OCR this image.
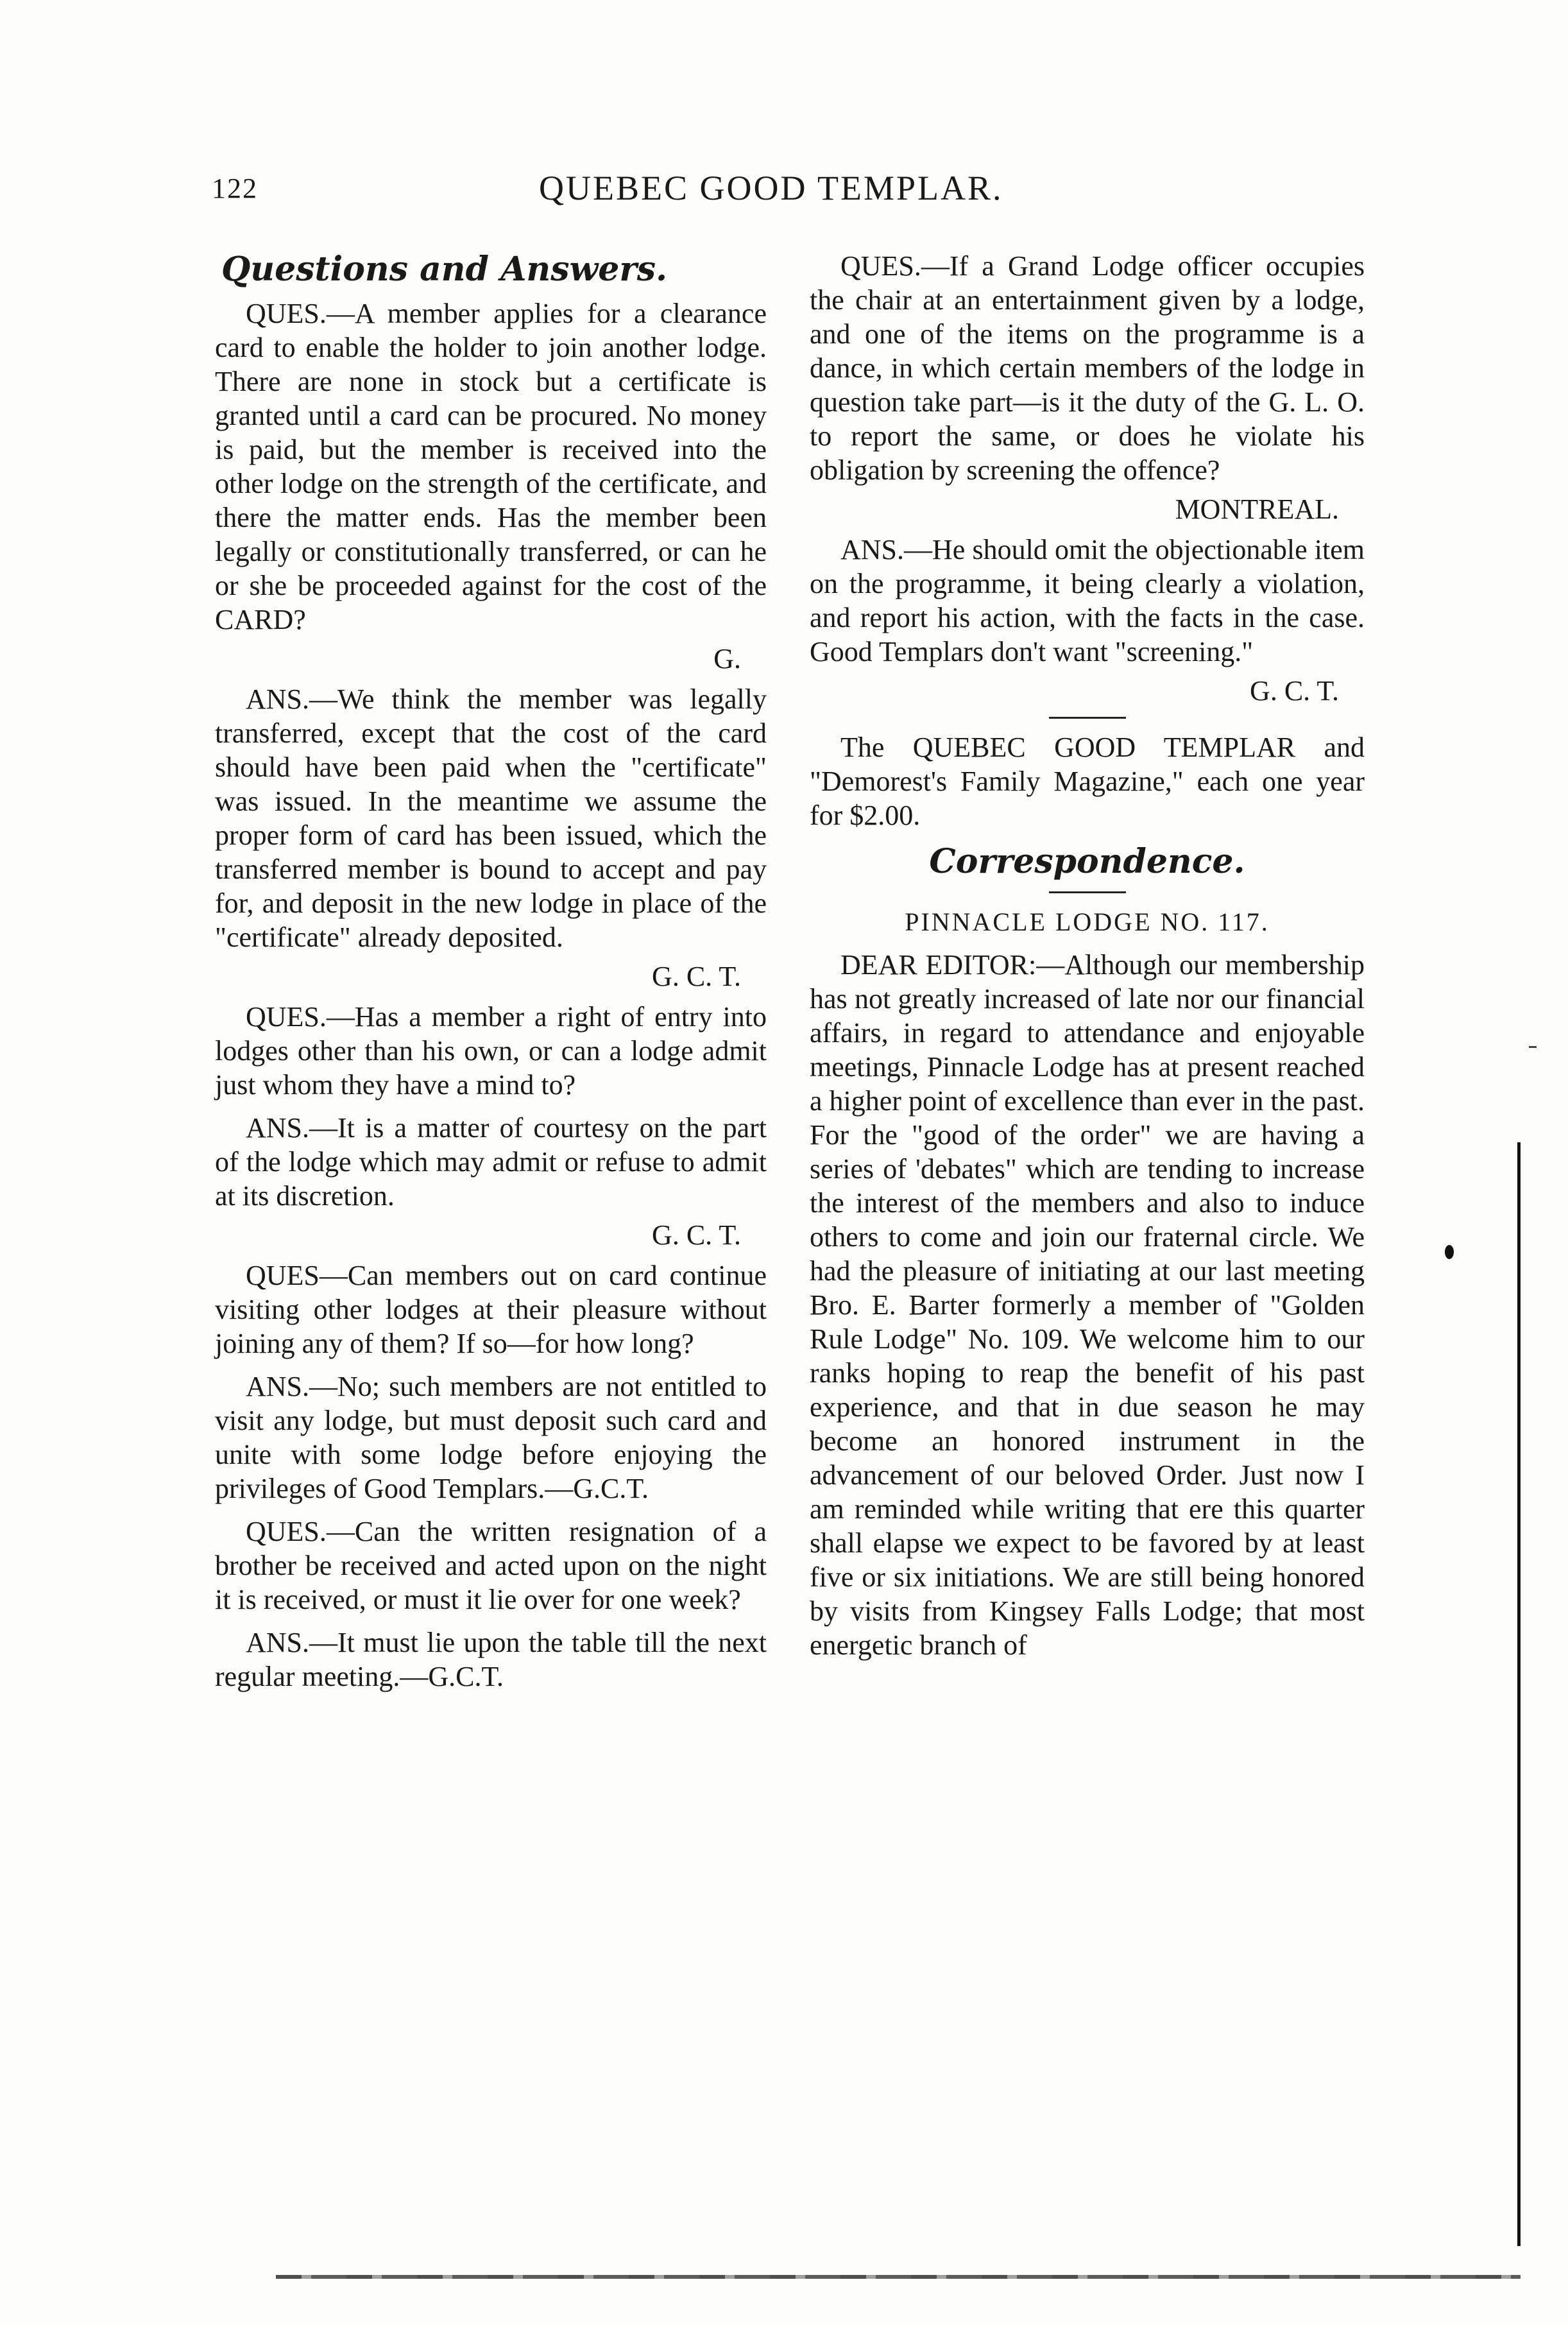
122	QUEBEC GOOD TEMPLAR.
Questions and Answers.

QUES.—A member applies for a clearance card to enable the holder to join another lodge. There are none in stock but a certificate is granted until a card can be procured. No money is paid, but the member is received into the other lodge on the strength of the certificate, and there the matter ends. Has the member been legally or constitutionally transferred, or can he or she be proceeded against for the cost of the CARD?

G.

ANS.—We think the member was legally transferred, except that the cost of the card should have been paid when the "certificate" was issued. In the meantime we assume the proper form of card has been issued, which the transferred member is bound to accept and pay for, and deposit in the new lodge in place of the "certificate" already deposited.

G. C. T.

QUES.—Has a member a right of entry into lodges other than his own, or can a lodge admit just whom they have a mind to?

ANS.—It is a matter of courtesy on the part of the lodge which may admit or refuse to admit at its discretion.

G. C. T.

QUES—Can members out on card continue visiting other lodges at their pleasure without joining any of them? If so—for how long?

ANS.—No; such members are not entitled to visit any lodge, but must deposit such card and unite with some lodge before enjoying the privileges of Good Templars.—G.C.T.

QUES.—Can the written resignation of a brother be received and acted upon on the night it is received, or must it lie over for one week?

ANS.—It must lie upon the table till the next regular meeting.—G.C.T.

QUES.—If a Grand Lodge officer occupies the chair at an entertainment given by a lodge, and one of the items on the programme is a dance, in which certain members of the lodge in question take part—is it the duty of the G. L. O. to report the same, or does he violate his obligation by screening the offence?

MONTREAL.

ANS.—He should omit the objectionable item on the programme, it being clearly a violation, and report his action, with the facts in the case. Good Templars don't want "screening."

G. C. T.

The QUEBEC GOOD TEMPLAR and "Demorest's Family Magazine," each one year for $2.00.

Correspondence.
PINNACLE LODGE NO. 117.

DEAR EDITOR:—Although our membership has not greatly increased of late nor our financial affairs, in regard to attendance and enjoyable meetings, Pinnacle Lodge has at present reached a higher point of excellence than ever in the past. For the "good of the order" we are having a series of 'debates" which are tending to increase the interest of the members and also to induce others to come and join our fraternal circle. We had the pleasure of initiating at our last meeting Bro. E. Barter formerly a member of "Golden Rule Lodge" No. 109. We welcome him to our ranks hoping to reap the benefit of his past experience, and that in due season he may become an honored instrument in the advancement of our beloved Order. Just now I am reminded while writing that ere this quarter shall elapse we expect to be favored by at least five or six initiations. We are still being honored by visits from Kingsey Falls Lodge; that most energetic branch of
